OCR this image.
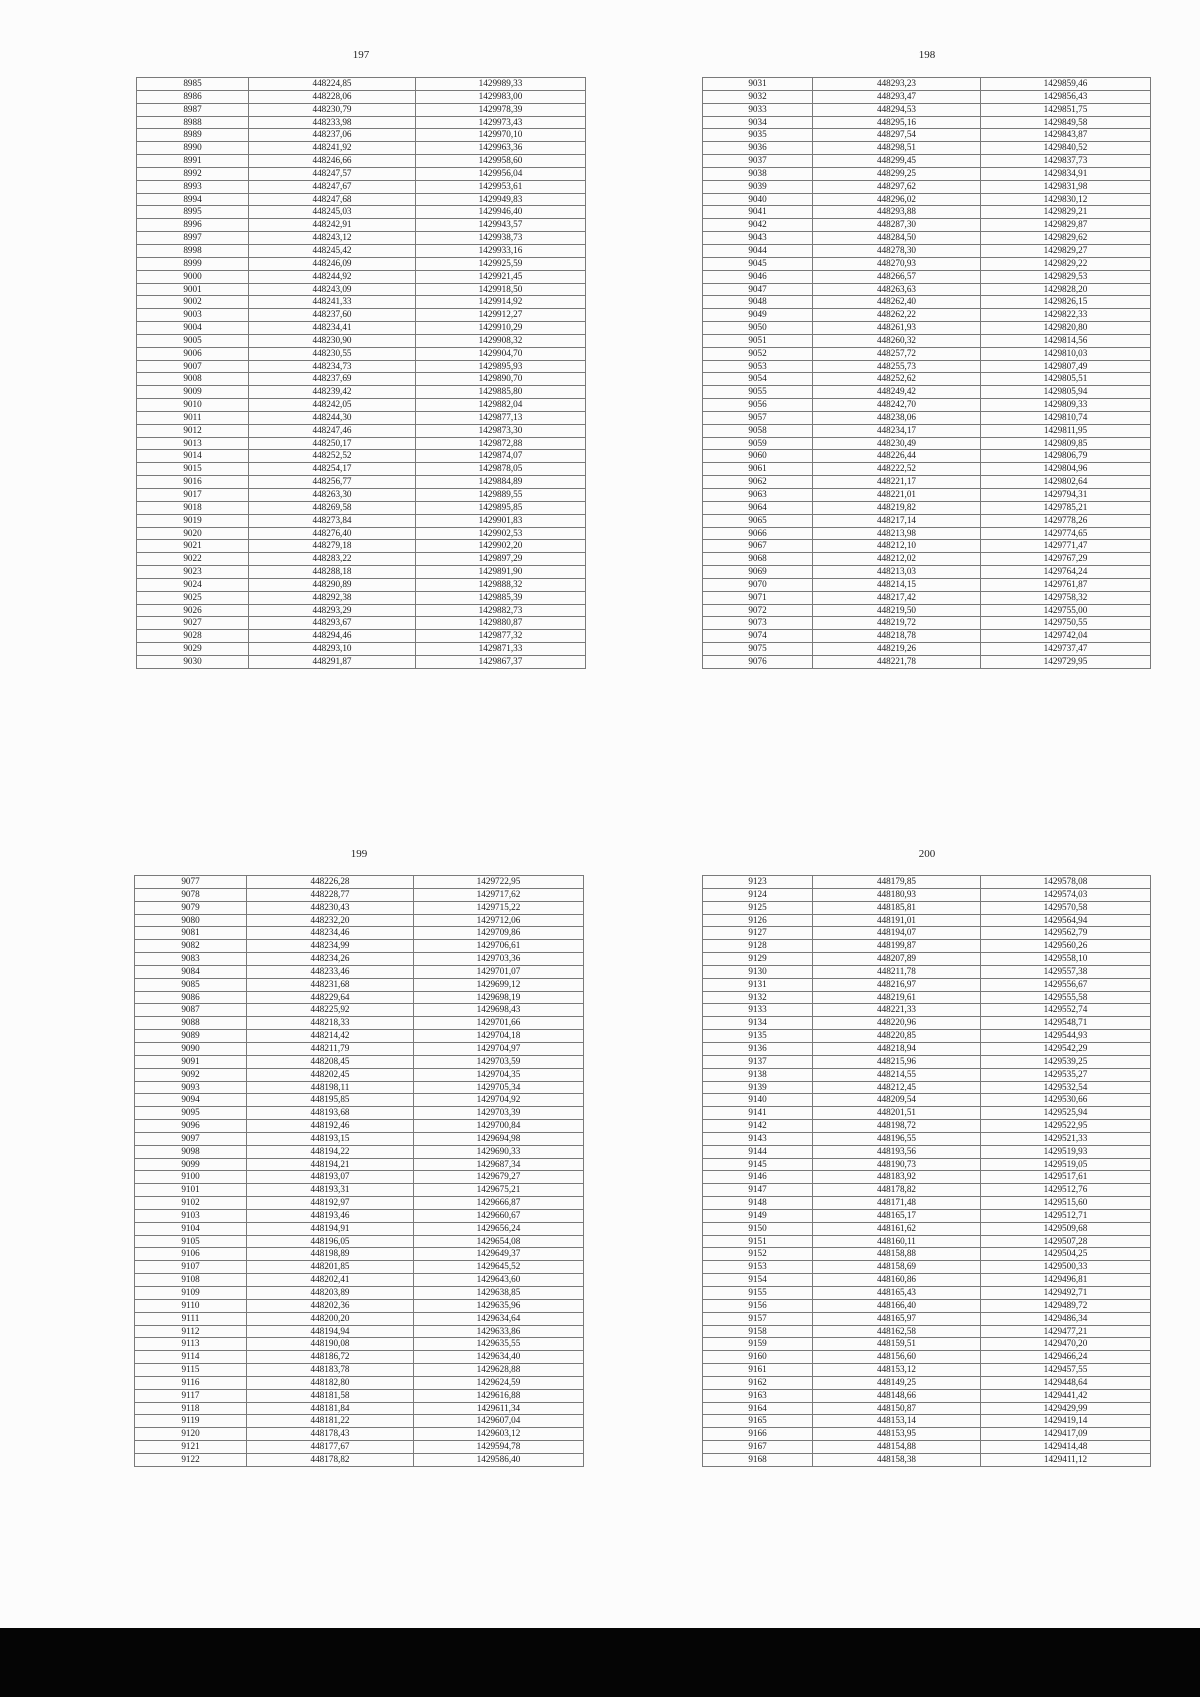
197
8985	448224,85	1429989,33
8986	448228,06	1429983,00
8987	448230,79	1429978,39
8988	448233,98	1429973,43
8989	448237,06	1429970,10
8990	448241,92	1429963,36
8991	448246,66	1429958,60
8992	448247,57	1429956,04
8993	448247,67	1429953,61
8994	448247,68	1429949,83
8995	448245,03	1429946,40
8996	448242,91	1429943,57
8997	448243,12	1429938,73
8998	448245,42	1429933,16
8999	448246,09	1429925,59
9000	448244,92	1429921,45
9001	448243,09	1429918,50
9002	448241,33	1429914,92
9003	448237,60	1429912,27
9004	448234,41	1429910,29
9005	448230,90	1429908,32
9006	448230,55	1429904,70
9007	448234,73	1429895,93
9008	448237,69	1429890,70
9009	448239,42	1429885,80
9010	448242,05	1429882,04
9011	448244,30	1429877,13
9012	448247,46	1429873,30
9013	448250,17	1429872,88
9014	448252,52	1429874,07
9015	448254,17	1429878,05
9016	448256,77	1429884,89
9017	448263,30	1429889,55
9018	448269,58	1429895,85
9019	448273,84	1429901,83
9020	448276,40	1429902,53
9021	448279,18	1429902,20
9022	448283,22	1429897,29
9023	448288,18	1429891,90
9024	448290,89	1429888,32
9025	448292,38	1429885,39
9026	448293,29	1429882,73
9027	448293,67	1429880,87
9028	448294,46	1429877,32
9029	448293,10	1429871,33
9030	448291,87	1429867,37
198
9031	448293,23	1429859,46
9032	448293,47	1429856,43
9033	448294,53	1429851,75
9034	448295,16	1429849,58
9035	448297,54	1429843,87
9036	448298,51	1429840,52
9037	448299,45	1429837,73
9038	448299,25	1429834,91
9039	448297,62	1429831,98
9040	448296,02	1429830,12
9041	448293,88	1429829,21
9042	448287,30	1429829,87
9043	448284,50	1429829,62
9044	448278,30	1429829,27
9045	448270,93	1429829,22
9046	448266,57	1429829,53
9047	448263,63	1429828,20
9048	448262,40	1429826,15
9049	448262,22	1429822,33
9050	448261,93	1429820,80
9051	448260,32	1429814,56
9052	448257,72	1429810,03
9053	448255,73	1429807,49
9054	448252,62	1429805,51
9055	448249,42	1429805,94
9056	448242,70	1429809,33
9057	448238,06	1429810,74
9058	448234,17	1429811,95
9059	448230,49	1429809,85
9060	448226,44	1429806,79
9061	448222,52	1429804,96
9062	448221,17	1429802,64
9063	448221,01	1429794,31
9064	448219,82	1429785,21
9065	448217,14	1429778,26
9066	448213,98	1429774,65
9067	448212,10	1429771,47
9068	448212,02	1429767,29
9069	448213,03	1429764,24
9070	448214,15	1429761,87
9071	448217,42	1429758,32
9072	448219,50	1429755,00
9073	448219,72	1429750,55
9074	448218,78	1429742,04
9075	448219,26	1429737,47
9076	448221,78	1429729,95
199
9077	448226,28	1429722,95
9078	448228,77	1429717,62
9079	448230,43	1429715,22
9080	448232,20	1429712,06
9081	448234,46	1429709,86
9082	448234,99	1429706,61
9083	448234,26	1429703,36
9084	448233,46	1429701,07
9085	448231,68	1429699,12
9086	448229,64	1429698,19
9087	448225,92	1429698,43
9088	448218,33	1429701,66
9089	448214,42	1429704,18
9090	448211,79	1429704,97
9091	448208,45	1429703,59
9092	448202,45	1429704,35
9093	448198,11	1429705,34
9094	448195,85	1429704,92
9095	448193,68	1429703,39
9096	448192,46	1429700,84
9097	448193,15	1429694,98
9098	448194,22	1429690,33
9099	448194,21	1429687,34
9100	448193,07	1429679,27
9101	448193,31	1429675,21
9102	448192,97	1429666,87
9103	448193,46	1429660,67
9104	448194,91	1429656,24
9105	448196,05	1429654,08
9106	448198,89	1429649,37
9107	448201,85	1429645,52
9108	448202,41	1429643,60
9109	448203,89	1429638,85
9110	448202,36	1429635,96
9111	448200,20	1429634,64
9112	448194,94	1429633,86
9113	448190,08	1429635,55
9114	448186,72	1429634,40
9115	448183,78	1429628,88
9116	448182,80	1429624,59
9117	448181,58	1429616,88
9118	448181,84	1429611,34
9119	448181,22	1429607,04
9120	448178,43	1429603,12
9121	448177,67	1429594,78
9122	448178,82	1429586,40
200
9123	448179,85	1429578,08
9124	448180,93	1429574,03
9125	448185,81	1429570,58
9126	448191,01	1429564,94
9127	448194,07	1429562,79
9128	448199,87	1429560,26
9129	448207,89	1429558,10
9130	448211,78	1429557,38
9131	448216,97	1429556,67
9132	448219,61	1429555,58
9133	448221,33	1429552,74
9134	448220,96	1429548,71
9135	448220,85	1429544,93
9136	448218,94	1429542,29
9137	448215,96	1429539,25
9138	448214,55	1429535,27
9139	448212,45	1429532,54
9140	448209,54	1429530,66
9141	448201,51	1429525,94
9142	448198,72	1429522,95
9143	448196,55	1429521,33
9144	448193,56	1429519,93
9145	448190,73	1429519,05
9146	448183,92	1429517,61
9147	448178,82	1429512,76
9148	448171,48	1429515,60
9149	448165,17	1429512,71
9150	448161,62	1429509,68
9151	448160,11	1429507,28
9152	448158,88	1429504,25
9153	448158,69	1429500,33
9154	448160,86	1429496,81
9155	448165,43	1429492,71
9156	448166,40	1429489,72
9157	448165,97	1429486,34
9158	448162,58	1429477,21
9159	448159,51	1429470,20
9160	448156,60	1429466,24
9161	448153,12	1429457,55
9162	448149,25	1429448,64
9163	448148,66	1429441,42
9164	448150,87	1429429,99
9165	448153,14	1429419,14
9166	448153,95	1429417,09
9167	448154,88	1429414,48
9168	448158,38	1429411,12
